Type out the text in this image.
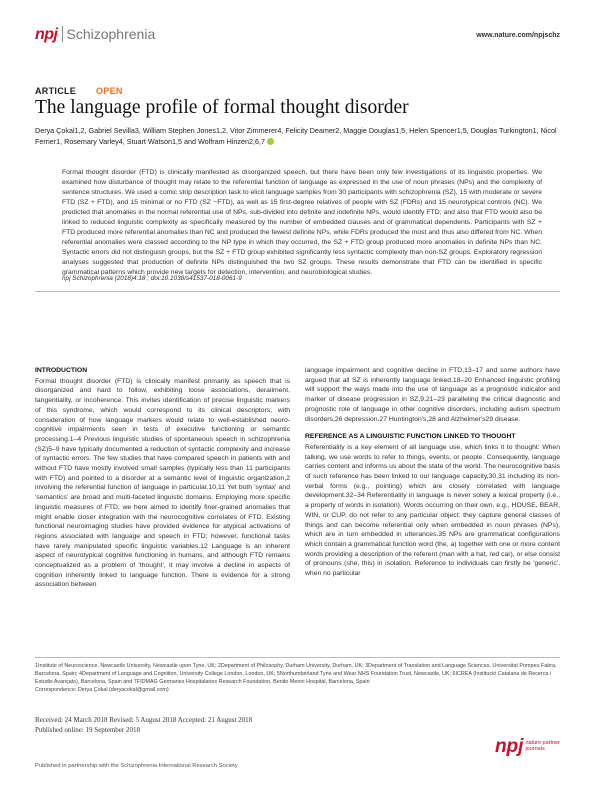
npj Schizophrenia	www.nature.com/npjschz
ARTICLE OPEN
The language profile of formal thought disorder
Derya Çokal1,2, Gabriel Sevilla3, William Stephen Jones1,2, Vitor Zimmerer4, Felicity Deamer2, Maggie Douglas1,5, Helen Spencer1,5, Douglas Turkington1, Nicol Ferrier1, Rosemary Varley4, Stuart Watson1,5 and Wolfram Hinzen2,6,7
Formal thought disorder (FTD) is clinically manifested as disorganized speech, but there have been only few investigations of its linguistic properties. We examined how disturbance of thought may relate to the referential function of language as expressed in the use of noun phrases (NPs) and the complexity of sentence structures. We used a comic strip description task to elicit language samples from 30 participants with schizophrenia (SZ), 15 with moderate or severe FTD (SZ + FTD), and 15 minimal or no FTD (SZ −FTD), as well as 15 first-degree relatives of people with SZ (FDRs) and 15 neurotypical controls (NC). We predicted that anomalies in the normal referential use of NPs, sub-divided into definite and indefinite NPs, would identify FTD; and also that FTD would also be linked to reduced linguistic complexity as specifically measured by the number of embedded clauses and of grammatical dependents. Participants with SZ + FTD produced more referential anomalies than NC and produced the fewest definite NPs, while FDRs produced the most and thus also differed from NC. When referential anomalies were classed according to the NP type in which they occurred, the SZ + FTD group produced more anomalies in definite NPs than NC. Syntactic errors did not distinguish groups, but the SZ + FTD group exhibited significantly less syntactic complexity than non-SZ groups. Exploratory regression analyses suggested that production of definite NPs distinguished the two SZ groups. These results demonstrate that FTD can be identified in specific grammatical patterns which provide new targets for detection, intervention, and neurobiological studies.
npj Schizophrenia (2018)4:18 ; doi:10.1038/s41537-018-0061-9
INTRODUCTION

Formal thought disorder (FTD) is clinically manifest primarily as speech that is disorganized and hard to follow, exhibiting loose associations, derailment, tangentiality, or incoherence. This invites identification of precise linguistic markers of this syndrome, which would correspond to its clinical descriptors, with consideration of how language markers would relate to well-established neuro-cognitive impairments seen in tests of executive functioning or semantic processing.1–4 Previous linguistic studies of spontaneous speech in schizophrenia (SZ)5–9 have typically documented a reduction of syntactic complexity and increase of syntactic errors. The few studies that have compared speech in patients with and without FTD have mostly involved small samples (typically less than 11 participants with FTD) and pointed to a disorder at a semantic level of linguistic organization,2 involving the referential function of language in particular.10,11 Yet both 'syntax' and 'semantics' are broad and multi-faceted linguistic domains. Employing more specific linguistic measures of FTD, we here aimed to identify finer-grained anomalies that might enable closer integration with the neurocognitive correlates of FTD. Existing functional neuroimaging studies have provided evidence for atypical activations of regions associated with language and speech in FTD; however, functional tasks have rarely manipulated specific linguistic variables.12 Language is an inherent aspect of neurotypical cognitive functioning in humans, and although FTD remains conceptualized as a problem of 'thought', it may involve a decline in aspects of cognition inherently linked to language function. There is evidence for a strong association between

language impairment and cognitive decline in FTD,13–17 and some authors have argued that all SZ is inherently language linked.18–20 Enhanced linguistic profiling will support the ways made into the use of language as a prognostic indicator and marker of disease progression in SZ,9,21–23 paralleling the critical diagnostic and prognostic role of language in other cognitive disorders, including autism spectrum disorders,26 depression,27 Huntington's,28 and Alzheimer's29 disease.

REFERENCE AS A LINGUISTIC FUNCTION LINKED TO THOUGHT

Referentiality is a key element of all language use, which links it to thought: When talking, we use words to refer to things, events, or people. Consequently, language carries content and informs us about the state of the world. The neurocognitive basis of such reference has been linked to our language capacity,30,31 including its non-verbal forms (e.g., pointing) which are closely correlated with language development.32–34 Referentiality in language is never solely a lexical property (i.e., a property of words in isolation). Words occurring on their own, e.g., HOUSE, BEAR, WIN, or CUP, do not refer to any particular object: they capture general classes of things and can become referential only when embedded in noun phrases (NPs), which are in turn embedded in utterances.35 NPs are grammatical configurations which contain a grammatical function word (the, a) together with one or more content words providing a description of the referent (man with a hat, red car), or else consist of pronouns (she, this) in isolation. Reference to individuals can firstly be 'generic', when no particular

1Institute of Neuroscience, Newcastle University, Newcastle upon Tyne, UK; 2Department of Philosophy, Durham University, Durham, UK; 3Department of Translation and Language Sciences, Universitat Pompeu Fabra, Barcelona, Spain; 4Department of Language and Cognition, University College London, London, UK; 5Northumberland Tyne and Wear NHS Foundation Trust, Newcastle, UK; 6ICREA (Institució Catalana de Recerca i Estudis Avançats), Barcelona, Spain and 7FIDMAG Germanes Hospitalaries Research Foundation, Benito Menni Hospital, Barcelona, Spain
Correspondence: Derya Çokal (deryacokal@gmail.com)
Received: 24 March 2018 Revised: 5 August 2018 Accepted: 21 August 2018
Published online: 19 September 2018
npj nature partner
journals
Published in partnership with the Schizophrenia International Research Society
